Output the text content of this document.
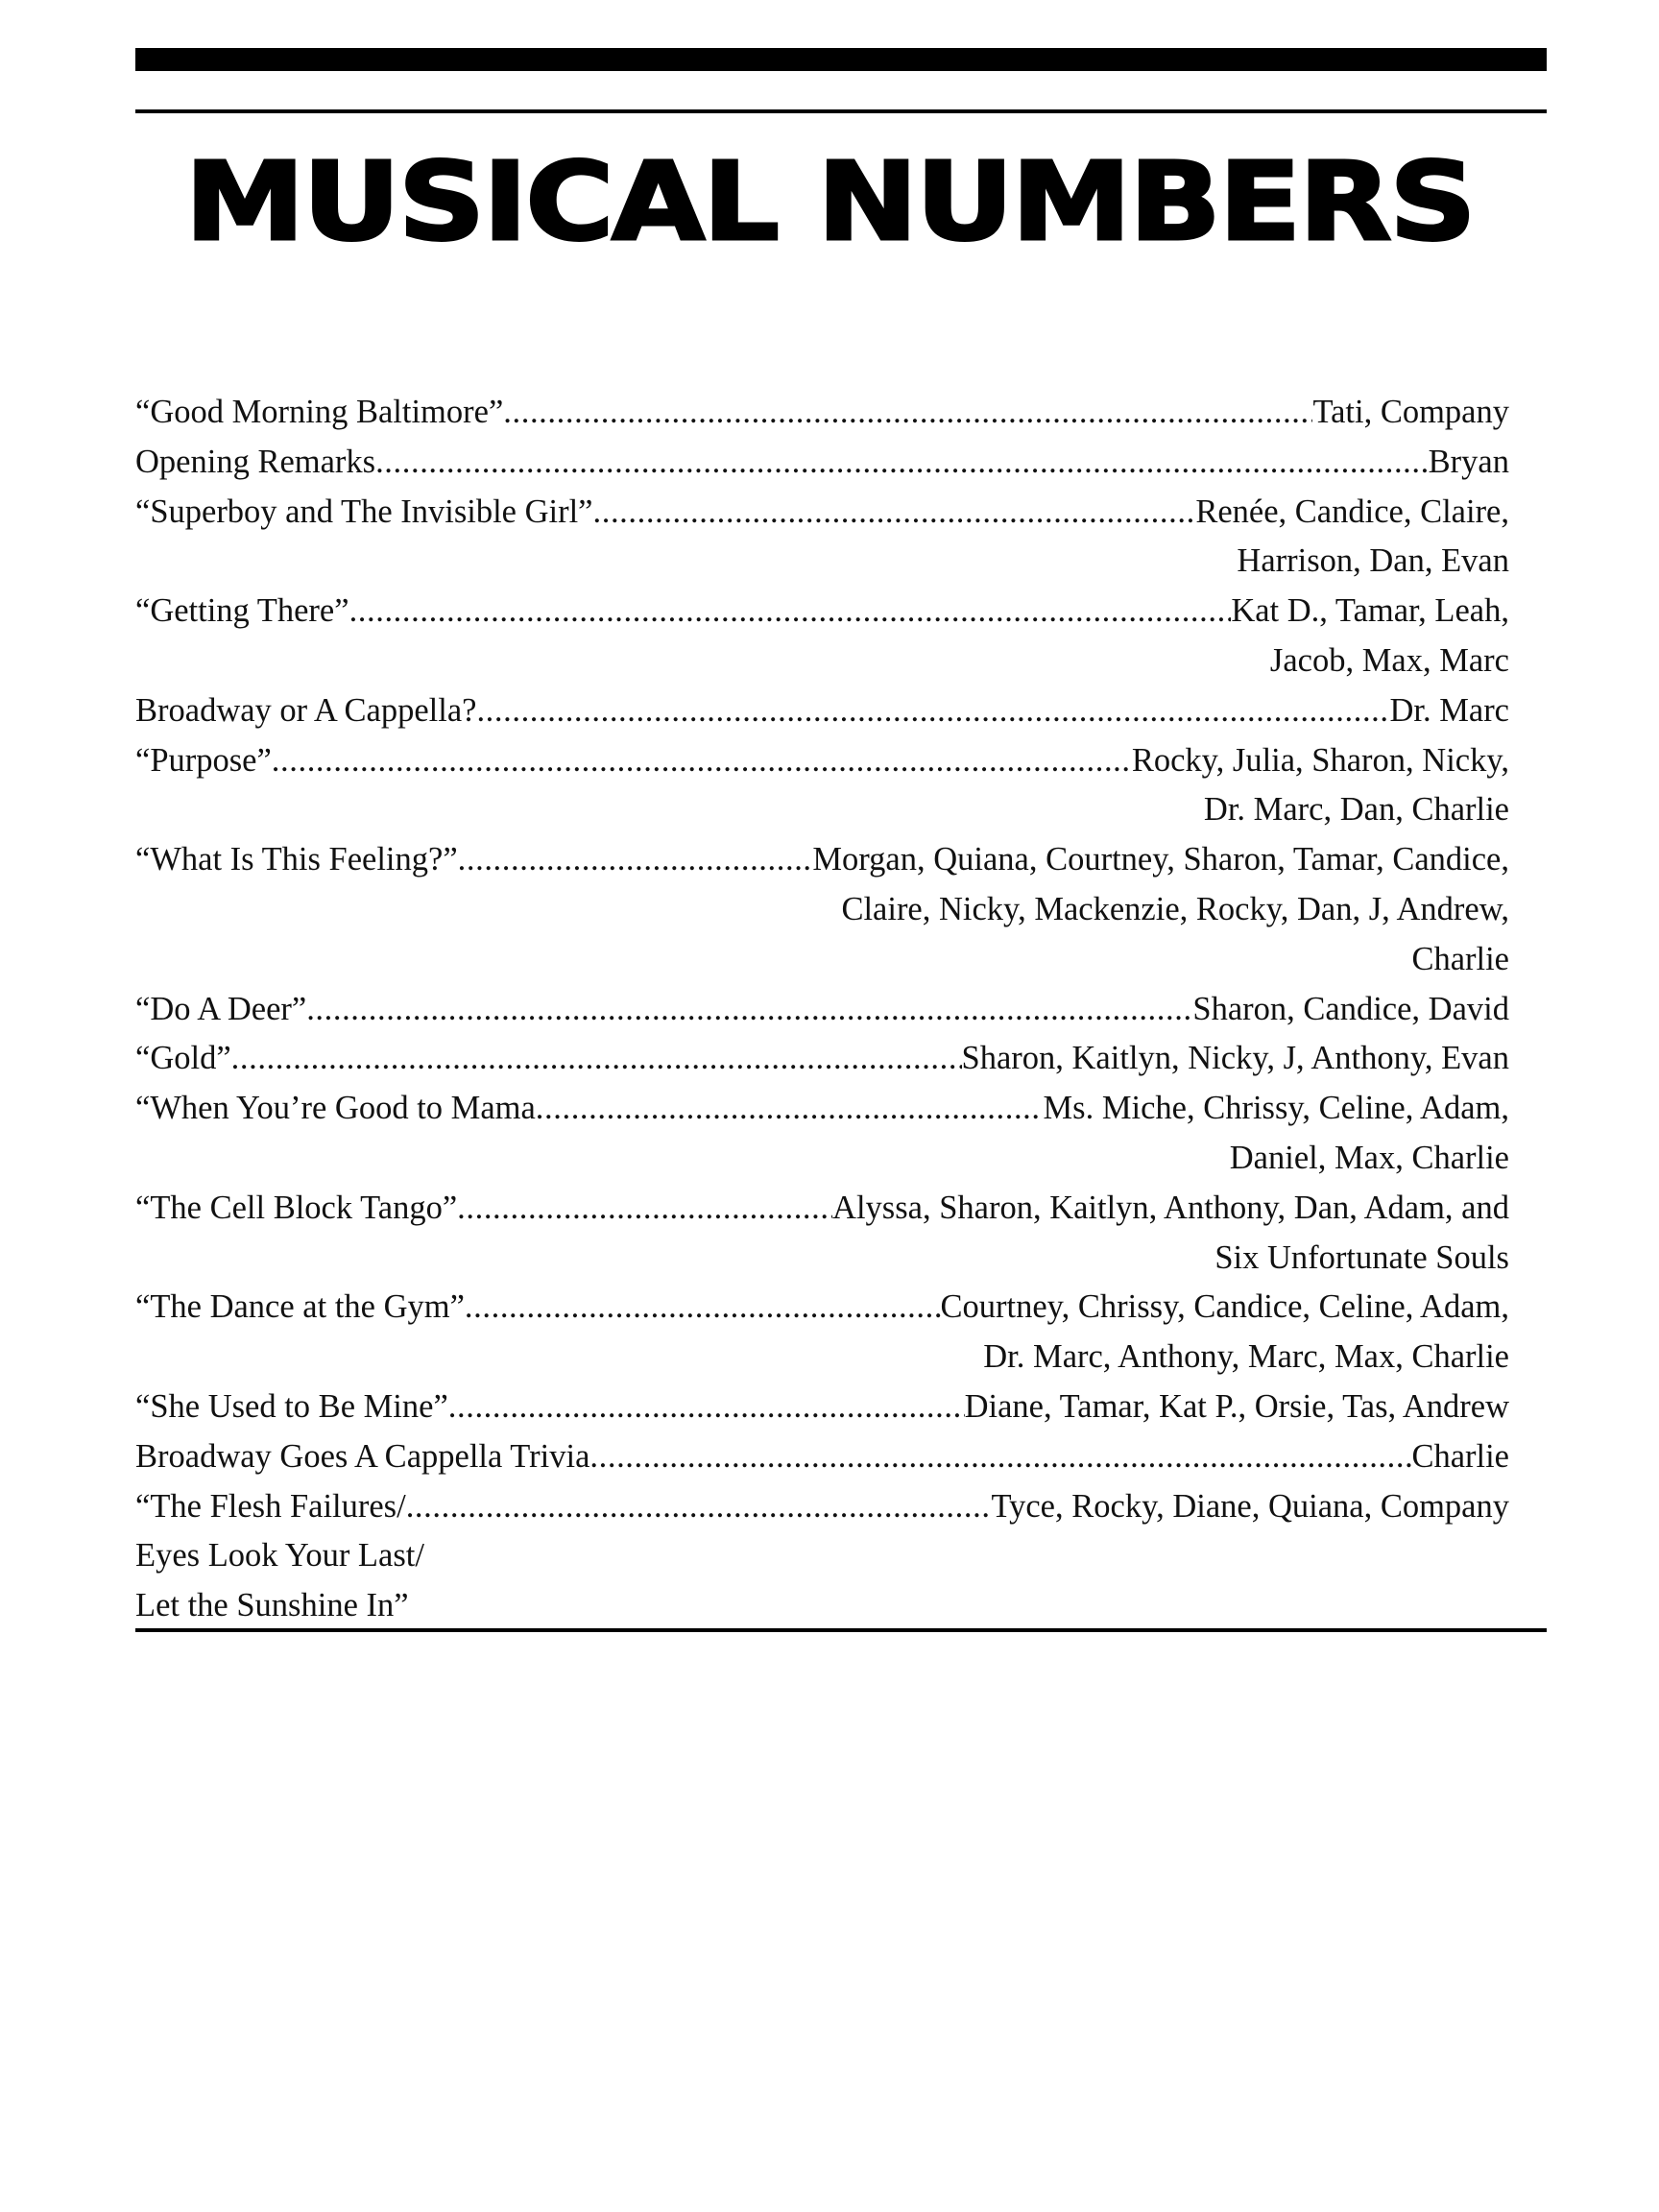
MUSICAL NUMBERS
“Good Morning Baltimore” .....	Tati, Company
Opening Remarks .....	Bryan
“Superboy and The Invisible Girl” .....	Renée, Candice, Claire,
Harrison, Dan, Evan
“Getting There” .....	Kat D., Tamar, Leah,
Jacob, Max, Marc
Broadway or A Cappella? .....	Dr. Marc
“Purpose” .....	Rocky, Julia, Sharon, Nicky,
Dr. Marc, Dan, Charlie
“What Is This Feeling?” .....	Morgan, Quiana, Courtney, Sharon, Tamar, Candice,
Claire, Nicky, Mackenzie, Rocky, Dan, J, Andrew,
Charlie
“Do A Deer” .....	Sharon, Candice, David
“Gold” .....	Sharon, Kaitlyn, Nicky, J, Anthony, Evan
“When You’re Good to Mama .....	Ms. Miche, Chrissy, Celine, Adam,
Daniel, Max, Charlie
“The Cell Block Tango” .....	Alyssa, Sharon, Kaitlyn, Anthony, Dan, Adam, and
Six Unfortunate Souls
“The Dance at the Gym” .....	Courtney, Chrissy, Candice, Celine, Adam,
Dr. Marc, Anthony, Marc, Max, Charlie
“She Used to Be Mine” .....	Diane, Tamar, Kat P., Orsie, Tas, Andrew
Broadway Goes A Cappella Trivia .....	Charlie
“The Flesh Failures/ .....	Tyce, Rocky, Diane, Quiana, Company
Eyes Look Your Last/
Let the Sunshine In”
